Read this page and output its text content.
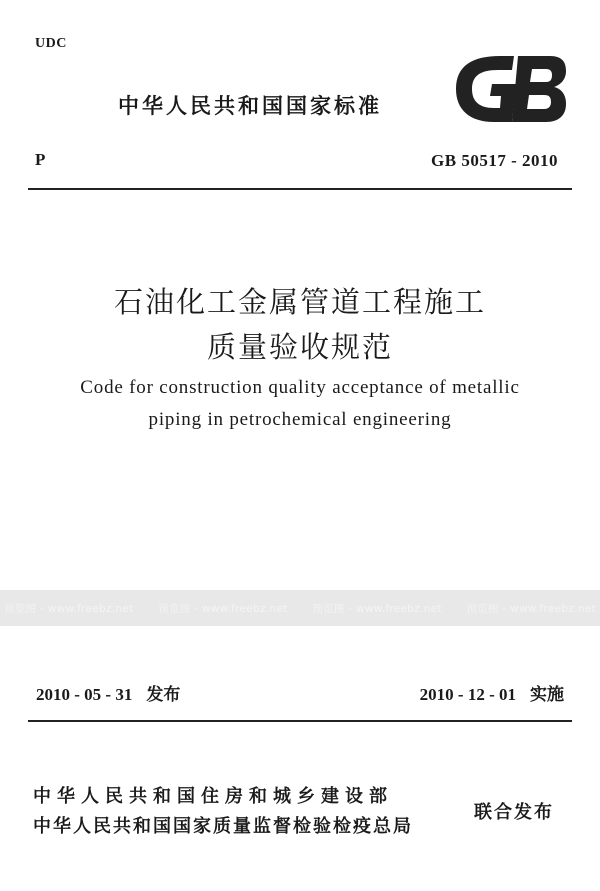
UDC
中华人民共和国国家标准
GB
P	GB 50517 - 2010
石油化工金属管道工程施工
质量验收规范
Code for construction quality acceptance of metallic
piping in petrochemical engineering
预览图 - www.freebz.net 预览图 - www.freebz.net 预览图 - www.freebz.net 预览图 - www.freebz.net
2010 - 05 - 31 发布	2010 - 12 - 01 实施
中华人民共和国住房和城乡建设部
中华人民共和国国家质量监督检验检疫总局
联合发布
